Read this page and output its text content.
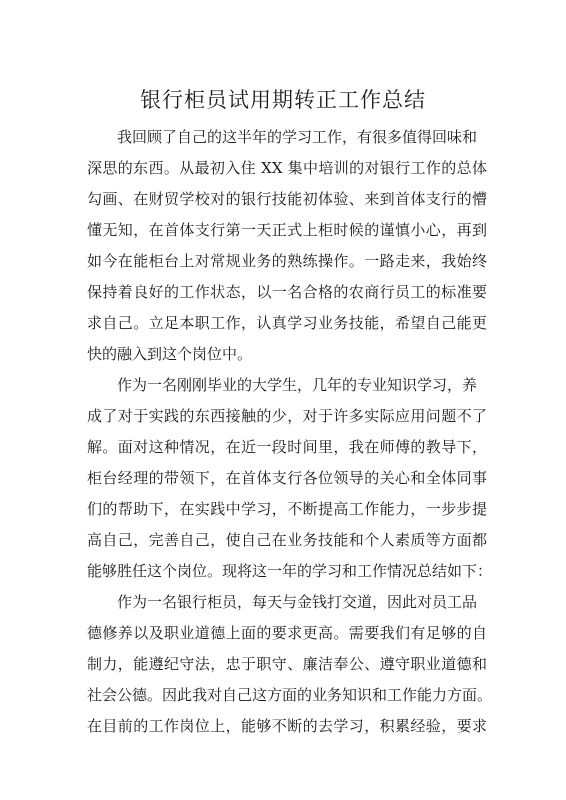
银行柜员试用期转正工作总结
我回顾了自己的这半年的学习工作，有很多值得回味和
深思的东西。从最初入住 XX 集中培训的对银行工作的总体
勾画、在财贸学校对的银行技能初体验、来到首体支行的懵
懂无知，在首体支行第一天正式上柜时候的谨慎小心，再到
如今在能柜台上对常规业务的熟练操作。一路走来，我始终
保持着良好的工作状态，以一名合格的农商行员工的标准要
求自己。立足本职工作，认真学习业务技能，希望自己能更
快的融入到这个岗位中。
作为一名刚刚毕业的大学生，几年的专业知识学习，养
成了对于实践的东西接触的少，对于许多实际应用问题不了
解。面对这种情况，在近一段时间里，我在师傅的教导下，
柜台经理的带领下，在首体支行各位领导的关心和全体同事
们的帮助下，在实践中学习，不断提高工作能力，一步步提
高自己，完善自己，使自己在业务技能和个人素质等方面都
能够胜任这个岗位。现将这一年的学习和工作情况总结如下：
作为一名银行柜员，每天与金钱打交道，因此对员工品
德修养以及职业道德上面的要求更高。需要我们有足够的自
制力，能遵纪守法，忠于职守、廉洁奉公、遵守职业道德和
社会公德。因此我对自己这方面的业务知识和工作能力方面。
在目前的工作岗位上，能够不断的去学习，积累经验，要求
